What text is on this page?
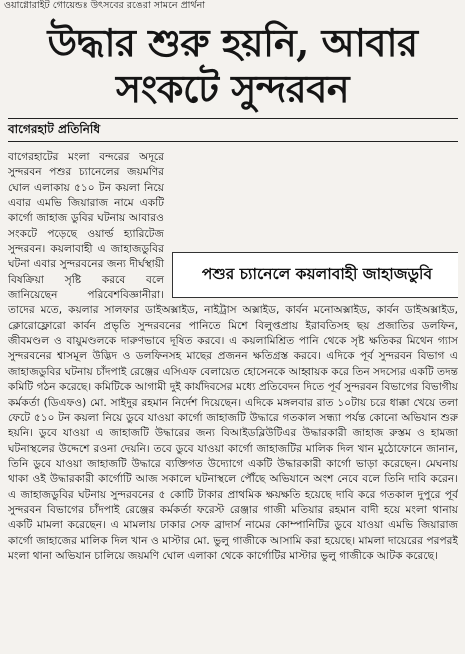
ওয়াগ্নোরাইট গোয়েন্ডঃ উৎসবের রঙেরা সামনে প্রার্থনা
উদ্ধার শুরু হয়নি, আবার
সংকটে সুন্দরবন
বাগেরহাট প্রতিনিধি
পশুর চ্যানেলে কয়লাবাহী জাহাজডুবি

বাগেরহাটের মংলা বন্দরের অদূরে সুন্দরবন পশুর চ্যানেলের জয়মণির ঘোল এলাকায় ৫১০ টন কয়লা নিয়ে এবার এমভি জিয়ারাজ নামে একটি কার্গো জাহাজ ডুবির ঘটনায় আবারও সংকটে পড়েছে ওয়ার্ল্ড হ্যারিটেজ সুন্দরবন। কয়লাবাহী এ জাহাজডুবির ঘটনা এবার সুন্দরবনের জন্য দীর্ঘস্থায়ী বিষক্রিয়া সৃষ্টি করবে বলে জানিয়েছেন পরিবেশবিজ্ঞানীরা। তাদের মতে, কয়লার সালফার ডাইঅক্সাইড, নাইট্রাস অক্সাইড, কার্বন মনোঅক্সাইড, কার্বন ডাইঅক্সাইড, ক্লোরোফ্লোরো কার্বন প্রভৃতি সুন্দরবনের পানিতে মিশে বিলুপ্তপ্রায় ইরাবতিসহ ছয় প্রজাতির ডলফিন, জীবমণ্ডল ও বায়ুমণ্ডলকে দারুণভাবে দূষিত করবে। এ কয়লামিশ্রিত পানি থেকে সৃষ্ট ক্ষতিকর মিথেন গ্যাস সুন্দরবনের শ্বাসমূল উদ্ভিদ ও ডলফিনসহ মাছের প্রজনন ক্ষতিগ্রস্ত করবে। এদিকে পূর্ব সুন্দরবন বিভাগ এ জাহাজডুবির ঘটনায় চাঁদপাই রেঞ্জের এসিএফ বেলায়েত হোসেনকে আহ্বায়ক করে তিন সদস্যের একটি তদন্ত কমিটি গঠন করেছে। কমিটিকে আগামী দুই কার্যদিবসের মধ্যে প্রতিবেদন দিতে পূর্ব সুন্দরবন বিভাগের বিভাগীয় কর্মকর্তা (ডিএফও) মো. সাইদুর রহমান নির্দেশ দিয়েছেন। এদিকে মঙ্গলবার রাত ১০টায় চরে ধাক্কা খেয়ে তলা ফেটে ৫১০ টন কয়লা নিয়ে ডুবে যাওয়া কার্গো জাহাজটি উদ্ধারে গতকাল সন্ধ্যা পর্যন্ত কোনো অভিযান শুরু হয়নি। ডুবে যাওয়া এ জাহাজটি উদ্ধারের জন্য বিআইডব্লিউটিএর উদ্ধারকারী জাহাজ রুস্তম ও হামজা ঘটনাস্থলের উদ্দেশে রওনা দেয়নি। তবে ডুবে যাওয়া কার্গো জাহাজটির মালিক দিল খান মুঠোফোনে জানান, তিনি ডুবে যাওয়া জাহাজটি উদ্ধারে ব্যক্তিগত উদ্যোগে একটি উদ্ধারকারী কার্গো ভাড়া করেছেন। মেঘনায় থাকা ওই উদ্ধারকারী কার্গোটি আজ সকালে ঘটনাস্থলে পৌঁছে অভিযানে অংশ নেবে বলে তিনি দাবি করেন। এ জাহাজডুবির ঘটনায় সুন্দরবনের ৫ কোটি টাকার প্রাথমিক ক্ষয়ক্ষতি হয়েছে দাবি করে গতকাল দুপুরে পূর্ব সুন্দরবন বিভাগের চাঁদপাই রেঞ্জের কর্মকর্তা ফরেস্ট রেঞ্জার গাজী মতিয়ার রহমান বাদী হয়ে মংলা থানায় একটি মামলা করেছেন। এ মামলায় ঢাকার সেফ ব্রাদার্স নামের কোম্পানিটির ডুবে যাওয়া এমভি জিয়ারাজ কার্গো জাহাজের মালিক দিল খান ও মাস্টার মো. ভুলু গাজীকে আসামি করা হয়েছে। মামলা দায়েরের পরপরই মংলা থানা অভিযান চালিয়ে জয়মণি ঘোল এলাকা থেকে কার্গোটির মাস্টার ভুলু গাজীকে আটক করেছে।
